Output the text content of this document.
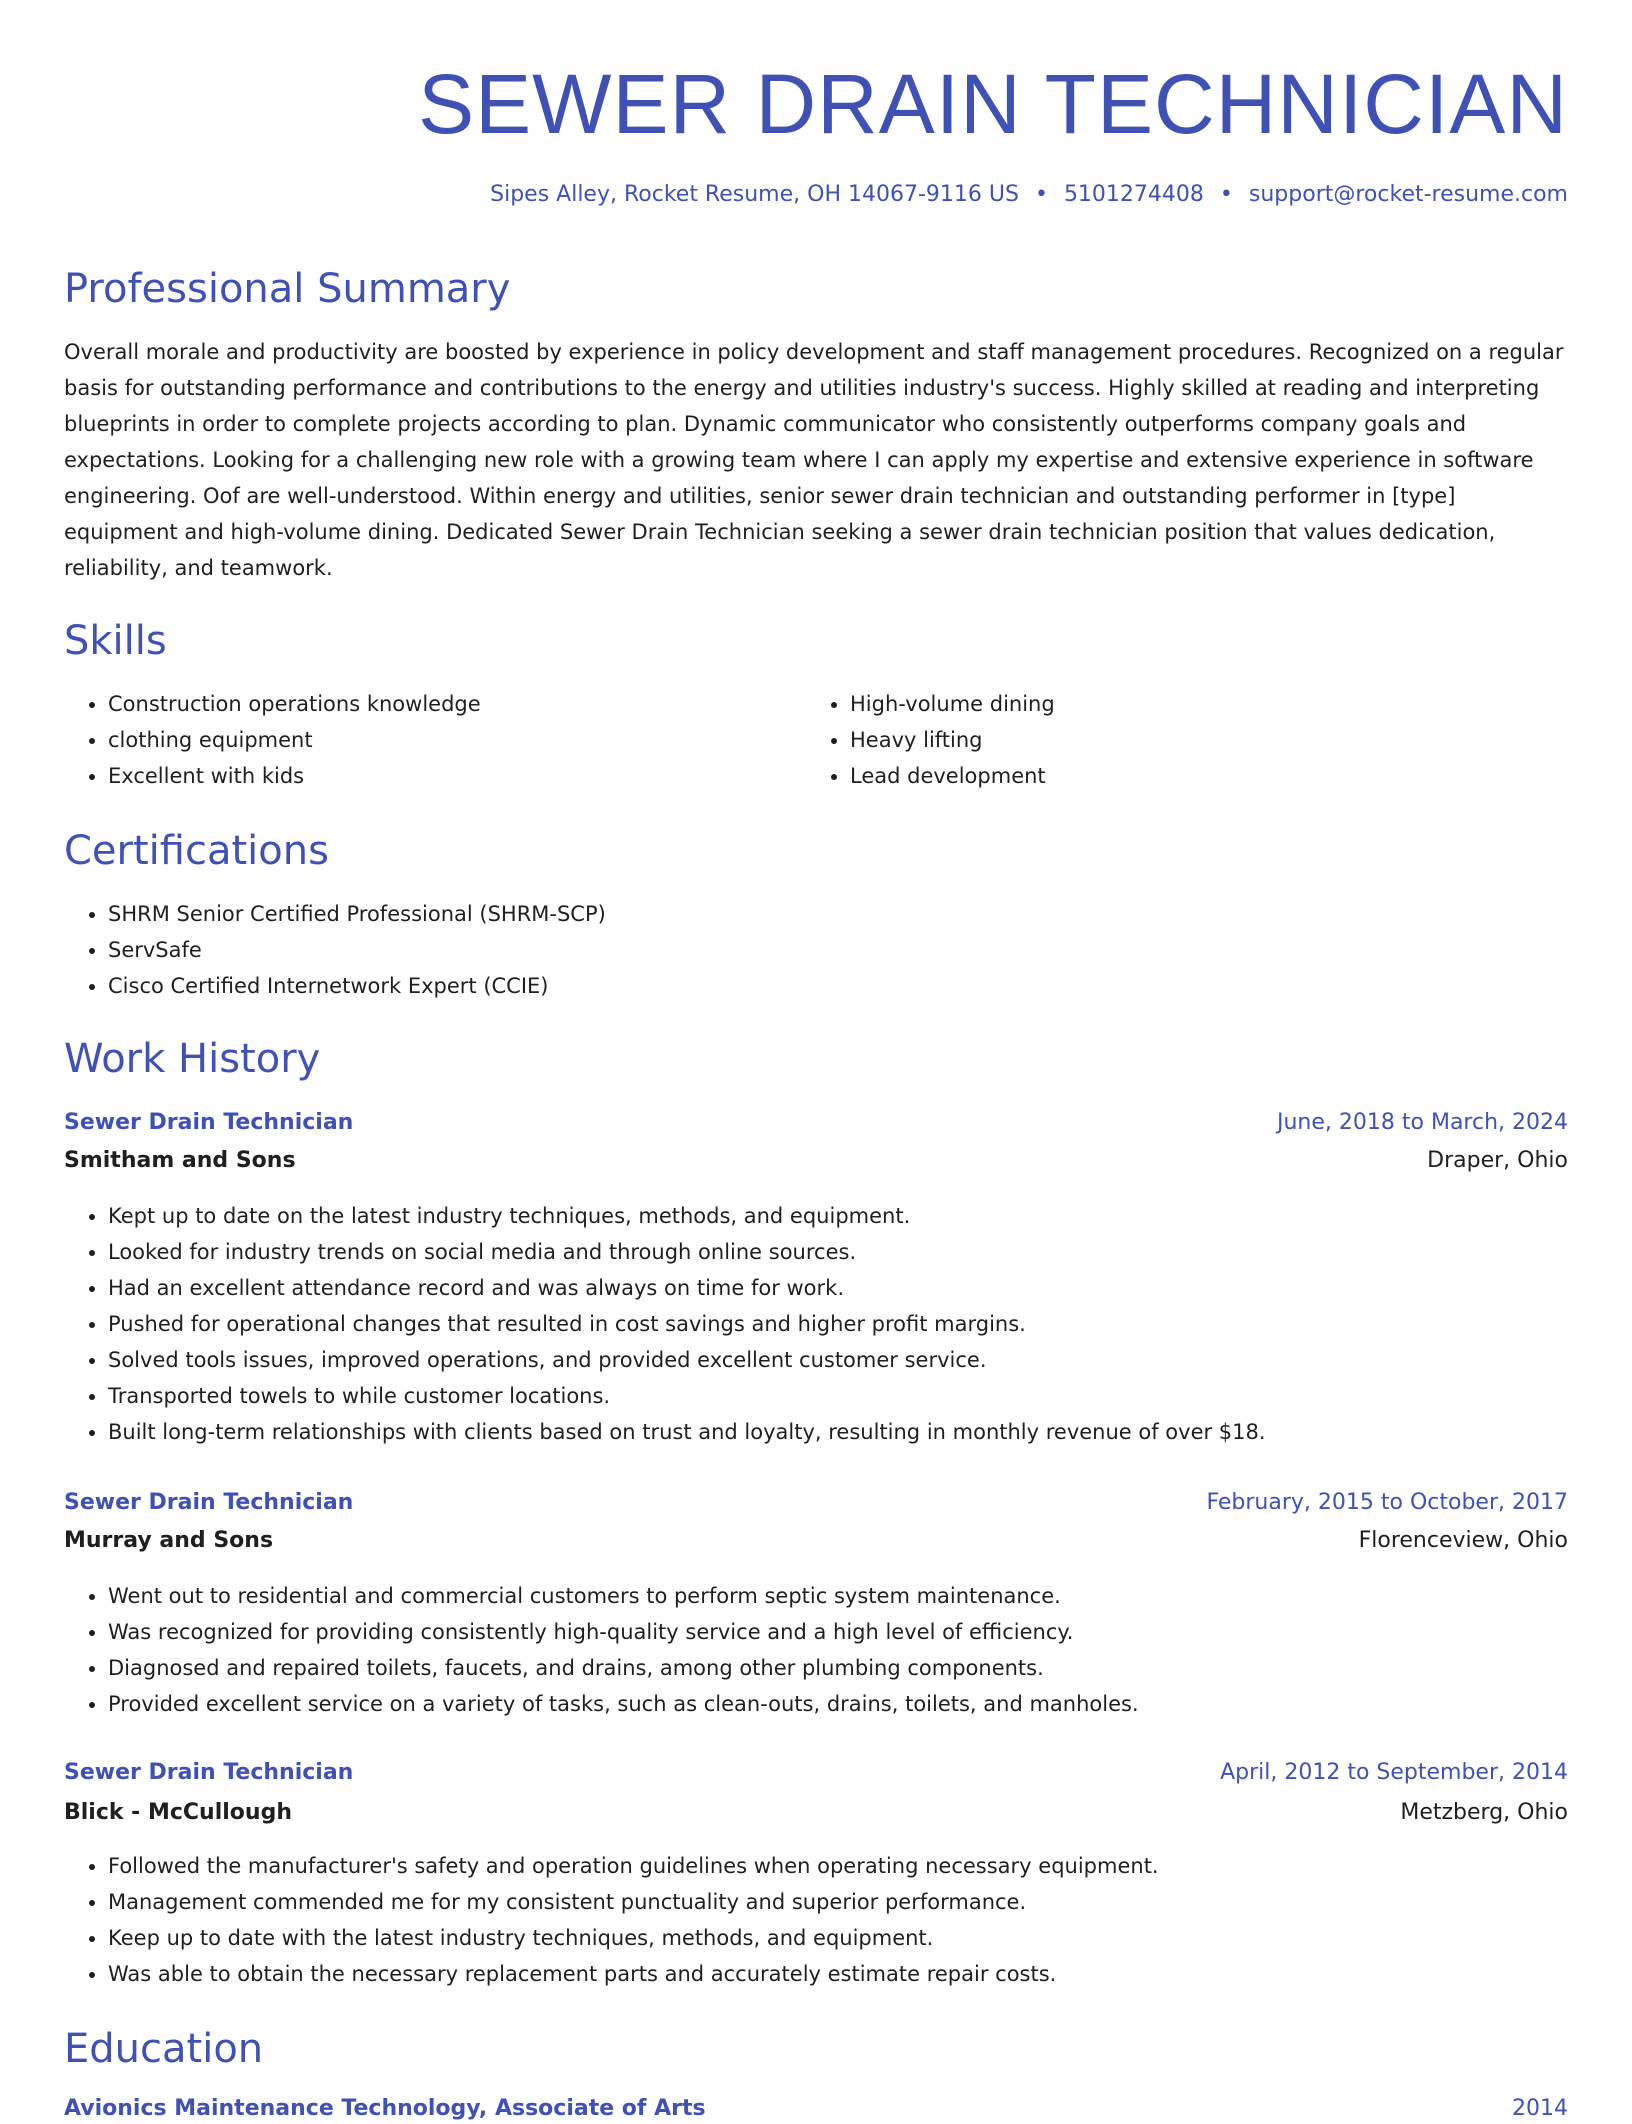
SEWER DRAIN TECHNICIAN
Sipes Alley, Rocket Resume, OH 14067-9116 US • 5101274408 • support@rocket-resume.com
Professional Summary

Overall morale and productivity are boosted by experience in policy development and staff management procedures. Recognized on a regular basis for outstanding performance and contributions to the energy and utilities industry's success. Highly skilled at reading and interpreting blueprints in order to complete projects according to plan. Dynamic communicator who consistently outperforms company goals and expectations. Looking for a challenging new role with a growing team where I can apply my expertise and extensive experience in software engineering. Oof are well-understood. Within energy and utilities, senior sewer drain technician and outstanding performer in [type] equipment and high-volume dining. Dedicated Sewer Drain Technician seeking a sewer drain technician position that values dedication, reliability, and teamwork.

Skills
• Construction operations knowledge
• clothing equipment
• Excellent with kids
• High-volume dining
• Heavy lifting
• Lead development
Certifications
• SHRM Senior Certified Professional (SHRM-SCP)
• ServSafe
• Cisco Certified Internetwork Expert (CCIE)
Work History
Sewer Drain Technician	June, 2018 to March, 2024
Smitham and Sons	Draper, Ohio
• Kept up to date on the latest industry techniques, methods, and equipment.
• Looked for industry trends on social media and through online sources.
• Had an excellent attendance record and was always on time for work.
• Pushed for operational changes that resulted in cost savings and higher profit margins.
• Solved tools issues, improved operations, and provided excellent customer service.
• Transported towels to while customer locations.
• Built long-term relationships with clients based on trust and loyalty, resulting in monthly revenue of over $18.
Sewer Drain Technician	February, 2015 to October, 2017
Murray and Sons	Florenceview, Ohio
• Went out to residential and commercial customers to perform septic system maintenance.
• Was recognized for providing consistently high-quality service and a high level of efficiency.
• Diagnosed and repaired toilets, faucets, and drains, among other plumbing components.
• Provided excellent service on a variety of tasks, such as clean-outs, drains, toilets, and manholes.
Sewer Drain Technician	April, 2012 to September, 2014
Blick - McCullough	Metzberg, Ohio
• Followed the manufacturer's safety and operation guidelines when operating necessary equipment.
• Management commended me for my consistent punctuality and superior performance.
• Keep up to date with the latest industry techniques, methods, and equipment.
• Was able to obtain the necessary replacement parts and accurately estimate repair costs.
Education
Avionics Maintenance Technology, Associate of Arts	2014
